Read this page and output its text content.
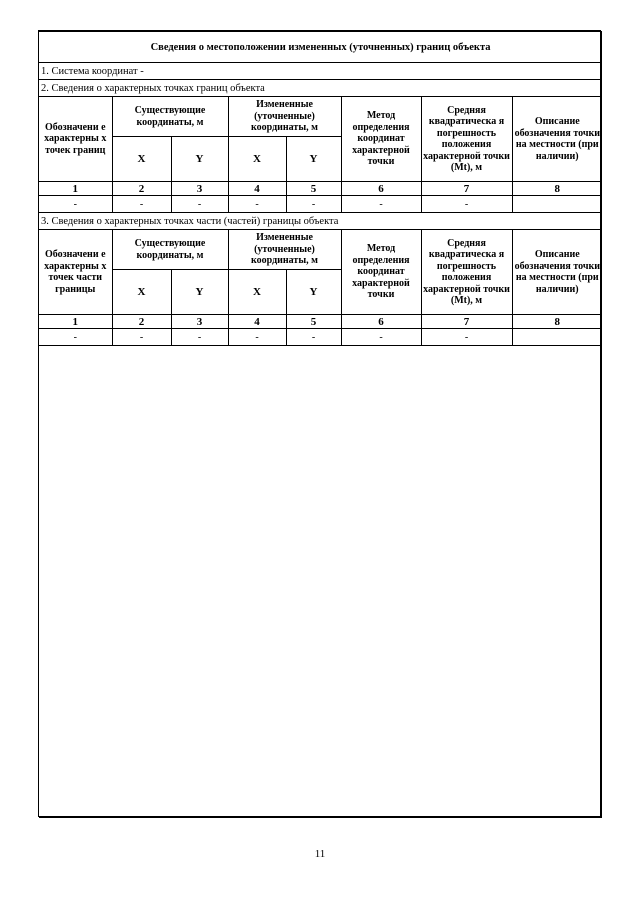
Сведения о местоположении измененных (уточненных) границ объекта							
1. Система координат -							
2. Сведения о характерных точках границ объекта							
Обозначени е характерны х точек границ	Существующие координаты, м		Измененные (уточненные) координаты, м		Метод определения координат характерной точки	Средняя квадратическа я погрешность положения характерной точки (Mt), м	Описание обозначения точки на местности (при наличии)
	X	Y	X	Y			
1	2	3	4	5	6	7	8
-	-	-	-	-	-	-	
3. Сведения о характерных точках части (частей) границы объекта							
Обозначени е характерны х точек части границы	Существующие координаты, м		Измененные (уточненные) координаты, м		Метод определения координат характерной точки	Средняя квадратическа я погрешность положения характерной точки (Mt), м	Описание обозначения точки на местности (при наличии)
	X	Y	X	Y			
1	2	3	4	5	6	7	8
-	-	-	-	-	-	-	
11
